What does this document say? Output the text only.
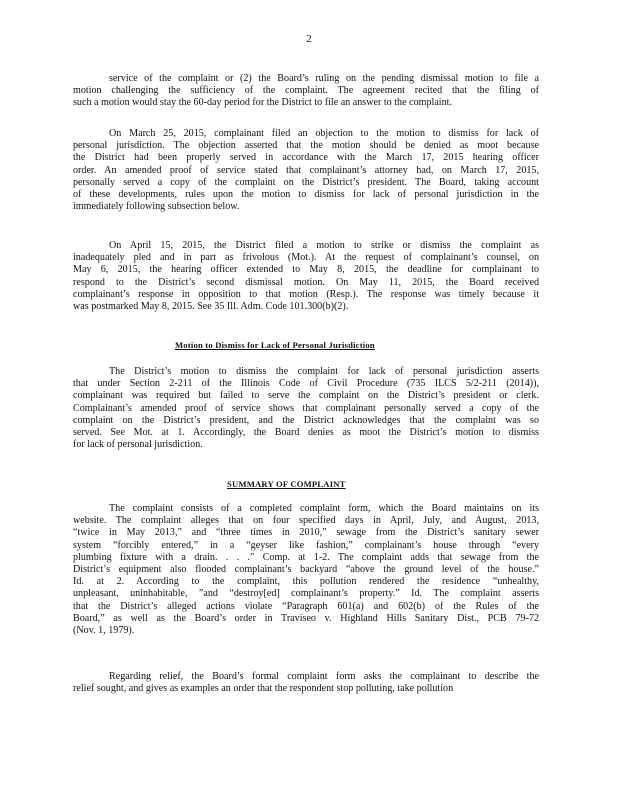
2
service of the complaint or (2) the Board’s ruling on the pending dismissal motion to file a
motion challenging the sufficiency of the complaint. The agreement recited that the filing of
such a motion would stay the 60-day period for the District to file an answer to the complaint.
On March 25, 2015, complainant filed an objection to the motion to dismiss for lack of
personal jurisdiction. The objection asserted that the motion should be denied as moot because
the District had been properly served in accordance with the March 17, 2015 hearing officer
order. An amended proof of service stated that complainant’s attorney had, on March 17, 2015,
personally served a copy of the complaint on the District’s president. The Board, taking account
of these developments, rules upon the motion to dismiss for lack of personal jurisdiction in the
immediately following subsection below.
On April 15, 2015, the District filed a motion to strike or dismiss the complaint as
inadequately pled and in part as frivolous (Mot.). At the request of complainant’s counsel, on
May 6, 2015, the hearing officer extended to May 8, 2015, the deadline for complainant to
respond to the District’s second dismissal motion. On May 11, 2015, the Board received
complainant’s response in opposition to that motion (Resp.). The response was timely because it
was postmarked May 8, 2015. See 35 Ill. Adm. Code 101.300(b)(2).
Motion to Dismiss for Lack of Personal Jurisdiction
The District’s motion to dismiss the complaint for lack of personal jurisdiction asserts
that under Section 2-211 of the Illinois Code of Civil Procedure (735 ILCS 5/2-211 (2014)),
complainant was required but failed to serve the complaint on the District’s president or clerk.
Complainant’s amended proof of service shows that complainant personally served a copy of the
complaint on the District’s president, and the District acknowledges that the complaint was so
served. See Mot. at 1. Accordingly, the Board denies as moot the District’s motion to dismiss
for lack of personal jurisdiction.
SUMMARY OF COMPLAINT
The complaint consists of a completed complaint form, which the Board maintains on its
website. The complaint alleges that on four specified days in April, July, and August, 2013,
“twice in May 2013,” and “three times in 2010,” sewage from the District’s sanitary sewer
system “forcibly entered,” in a “geyser like fashion,” complainant’s house through “every
plumbing fixture with a drain. . . .” Comp. at 1-2. The complaint adds that sewage from the
District’s equipment also flooded complainant’s backyard “above the ground level of the house.”
Id. at 2. According to the complaint, this pollution rendered the residence “unhealthy,
unpleasant, uninhabitable, ”and “destroy[ed] complainant’s property.” Id. The complaint asserts
that the District’s alleged actions violate “Paragraph 601(a) and 602(b) of the Rules of the
Board,” as well as the Board’s order in Traviseo v. Highland Hills Sanitary Dist., PCB 79-72
(Nov. 1, 1979).
Regarding relief, the Board’s formal complaint form asks the complainant to describe the
relief sought, and gives as examples an order that the respondent stop polluting, take pollution
